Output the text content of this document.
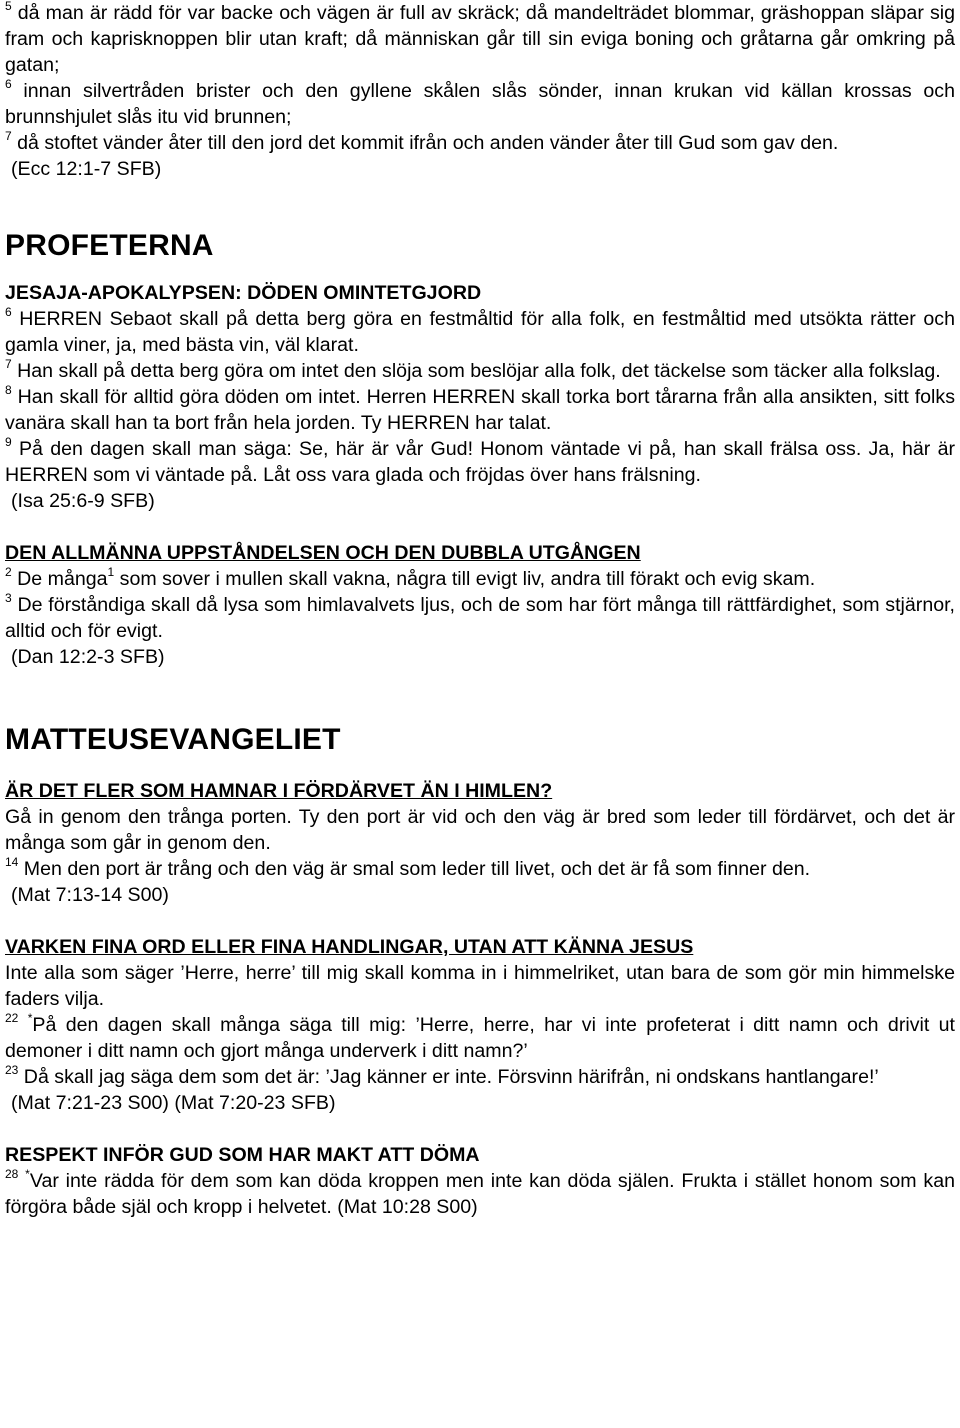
$^5$ då man är rädd för var backe och vägen är full av skräck; då mandelträdet blommar, gräshoppan släpar sig fram och kaprisknoppen blir utan kraft; då människan går till sin eviga boning och gråtarna går omkring på gatan;

$^6$ innan silvertråden brister och den gyllene skålen slås sönder, innan krukan vid källan krossas och brunnshjulet slås itu vid brunnen;

$^7$ då stoftet vänder åter till den jord det kommit ifrån och anden vänder åter till Gud som gav den.

(Ecc 12:1-7 SFB)

PROFETERNA

JESAJA-APOKALYPSEN: DÖDEN OMINTETGJORD

$^6$ HERREN Sebaot skall på detta berg göra en festmåltid för alla folk, en festmåltid med utsökta rätter och gamla viner, ja, med bästa vin, väl klarat.

$^7$ Han skall på detta berg göra om intet den slöja som beslöjar alla folk, det täckelse som täcker alla folkslag.

$^8$ Han skall för alltid göra döden om intet. Herren HERREN skall torka bort tårarna från alla ansikten, sitt folks vanära skall han ta bort från hela jorden. Ty HERREN har talat.

$^9$ På den dagen skall man säga: Se, här är vår Gud! Honom väntade vi på, han skall frälsa oss. Ja, här är HERREN som vi väntade på. Låt oss vara glada och fröjdas över hans frälsning.

(Isa 25:6-9 SFB)

DEN ALLMÄNNA UPPSTÅNDELSEN OCH DEN DUBBLA UTGÅNGEN

$^2$ De många$^1$ som sover i mullen skall vakna, några till evigt liv, andra till förakt och evig skam.

$^3$ De förståndiga skall då lysa som himlavalvets ljus, och de som har fört många till rättfärdighet, som stjärnor, alltid och för evigt.

(Dan 12:2-3 SFB)

MATTEUSEVANGELIET

ÄR DET FLER SOM HAMNAR I FÖRDÄRVET ÄN I HIMLEN?

Gå in genom den trånga porten. Ty den port är vid och den väg är bred som leder till fördärvet, och det är många som går in genom den.

$^{14}$ Men den port är trång och den väg är smal som leder till livet, och det är få som finner den.

(Mat 7:13-14 S00)

VARKEN FINA ORD ELLER FINA HANDLINGAR, UTAN ATT KÄNNA JESUS

Inte alla som säger ’Herre, herre’ till mig skall komma in i himmelriket, utan bara de som gör min himmelske faders vilja.

$^{22}$ *På den dagen skall många säga till mig: ’Herre, herre, har vi inte profeterat i ditt namn och drivit ut demoner i ditt namn och gjort många underverk i ditt namn?’

$^{23}$ Då skall jag säga dem som det är: ’Jag känner er inte. Försvinn härifrån, ni ondskans hantlangare!’

(Mat 7:21-23 S00) (Mat 7:20-23 SFB)

RESPEKT INFÖR GUD SOM HAR MAKT ATT DÖMA

$^{28}$ *Var inte rädda för dem som kan döda kroppen men inte kan döda själen. Frukta i stället honom som kan förgöra både själ och kropp i helvetet. (Mat 10:28 S00)
